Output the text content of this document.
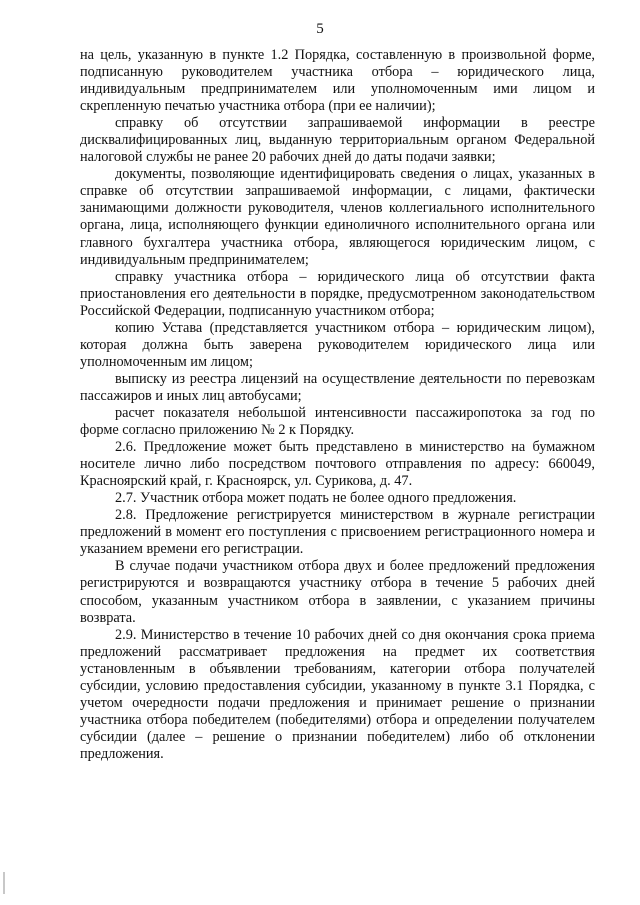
5

на цель, указанную в пункте 1.2 Порядка, составленную в произвольной форме, подписанную руководителем участника отбора – юридического лица, индивидуальным предпринимателем или уполномоченным ими лицом и скрепленную печатью участника отбора (при ее наличии);

справку об отсутствии запрашиваемой информации в реестре дисквалифицированных лиц, выданную территориальным органом Федеральной налоговой службы не ранее 20 рабочих дней до даты подачи заявки;

документы, позволяющие идентифицировать сведения о лицах, указанных в справке об отсутствии запрашиваемой информации, с лицами, фактически занимающими должности руководителя, членов коллегиального исполнительного органа, лица, исполняющего функции единоличного исполнительного органа или главного бухгалтера участника отбора, являющегося юридическим лицом, с индивидуальным предпринимателем;

справку участника отбора – юридического лица об отсутствии факта приостановления его деятельности в порядке, предусмотренном законодательством Российской Федерации, подписанную участником отбора;

копию Устава (представляется участником отбора – юридическим лицом), которая должна быть заверена руководителем юридического лица или уполномоченным им лицом;

выписку из реестра лицензий на осуществление деятельности по перевозкам пассажиров и иных лиц автобусами;

расчет показателя небольшой интенсивности пассажиропотока за год по форме согласно приложению № 2 к Порядку.

2.6. Предложение может быть представлено в министерство на бумажном носителе лично либо посредством почтового отправления по адресу: 660049, Красноярский край, г. Красноярск, ул. Сурикова, д. 47.

2.7. Участник отбора может подать не более одного предложения.

2.8. Предложение регистрируется министерством в журнале регистрации предложений в момент его поступления с присвоением регистрационного номера и указанием времени его регистрации.

В случае подачи участником отбора двух и более предложений предложения регистрируются и возвращаются участнику отбора в течение 5 рабочих дней способом, указанным участником отбора в заявлении, с указанием причины возврата.

2.9. Министерство в течение 10 рабочих дней со дня окончания срока приема предложений рассматривает предложения на предмет их соответствия установленным в объявлении требованиям, категории отбора получателей субсидии, условию предоставления субсидии, указанному в пункте 3.1 Порядка, с учетом очередности подачи предложения и принимает решение о признании участника отбора победителем (победителями) отбора и определении получателем субсидии (далее – решение о признании победителем) либо об отклонении предложения.
